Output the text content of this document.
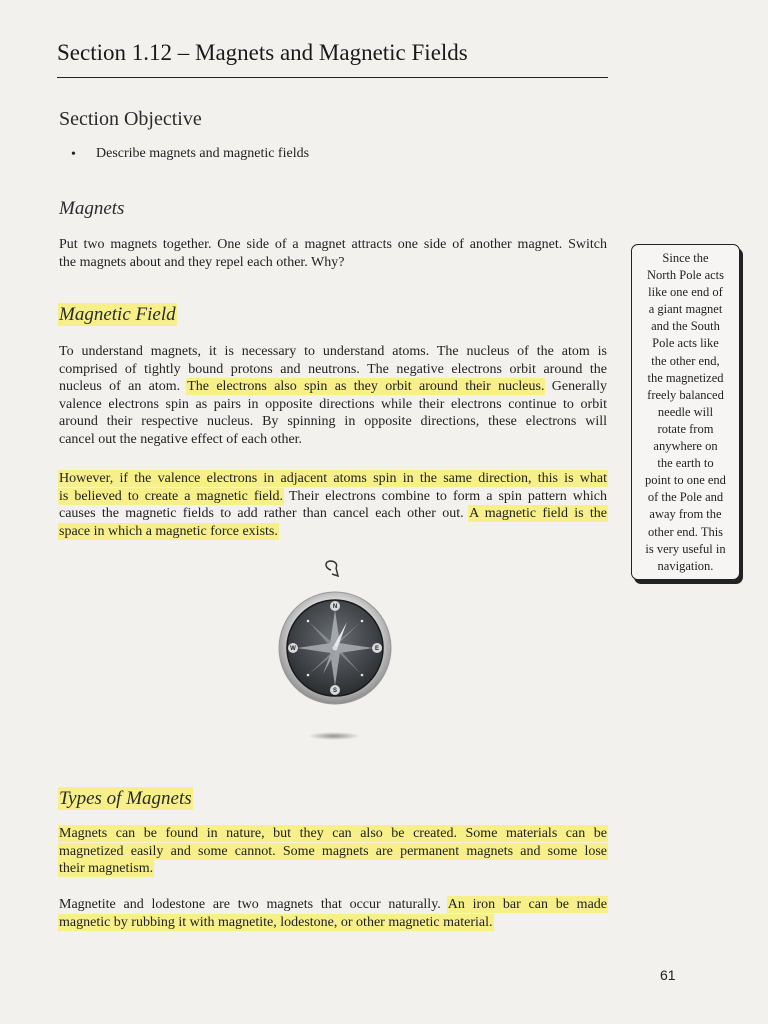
Section 1.12 – Magnets and Magnetic Fields
Section Objective
• Describe magnets and magnetic fields
Magnets
Put two magnets together. One side of a magnet attracts one side of another magnet. Switch
the magnets about and they repel each other. Why?
Magnetic Field
To understand magnets, it is necessary to understand atoms. The nucleus of the atom is
comprised of tightly bound protons and neutrons. The negative electrons orbit around the
nucleus of an atom. The electrons also spin as they orbit around their nucleus. Generally
valence electrons spin as pairs in opposite directions while their electrons continue to orbit
around their respective nucleus. By spinning in opposite directions, these electrons will
cancel out the negative effect of each other.
However, if the valence electrons in adjacent atoms spin in the same direction, this is what
is believed to create a magnetic field. Their electrons combine to form a spin pattern which
causes the magnetic fields to add rather than cancel each other out. A magnetic field is the
space in which a magnetic force exists.
Since the
North Pole acts
like one end of
a giant magnet
and the South
Pole acts like
the other end,
the magnetized
freely balanced
needle will
rotate from
anywhere on
the earth to
point to one end
of the Pole and
away from the
other end. This
is very useful in
navigation.
N
E
S
W
Types of Magnets
Magnets can be found in nature, but they can also be created. Some materials can be
magnetized easily and some cannot. Some magnets are permanent magnets and some lose
their magnetism.
Magnetite and lodestone are two magnets that occur naturally. An iron bar can be made
magnetic by rubbing it with magnetite, lodestone, or other magnetic material.
61
